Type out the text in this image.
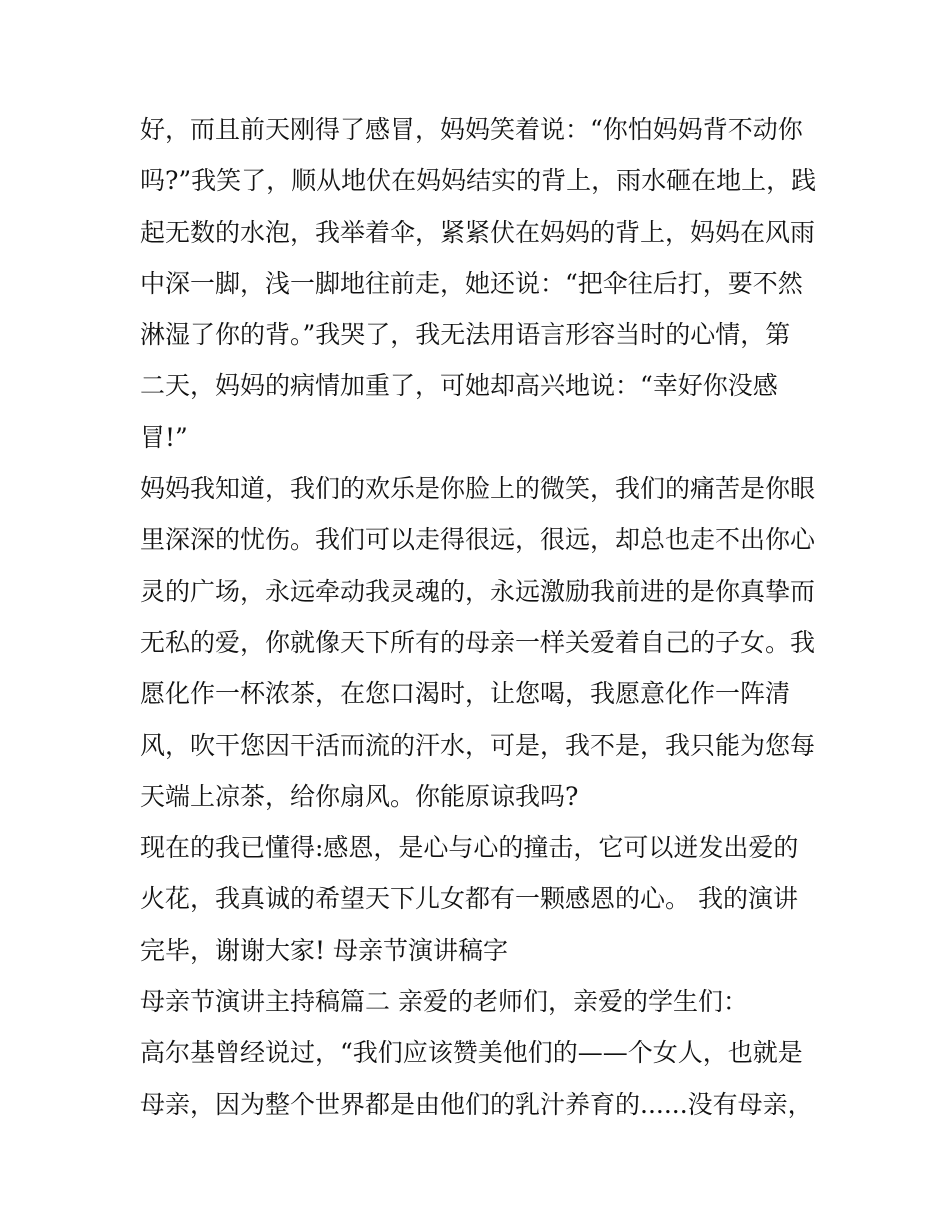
好，而且前天刚得了感冒，妈妈笑着说：“你怕妈妈背不动你
吗?”我笑了，顺从地伏在妈妈结实的背上，雨水砸在地上，践
起无数的水泡，我举着伞，紧紧伏在妈妈的背上，妈妈在风雨
中深一脚，浅一脚地往前走，她还说：“把伞往后打，要不然
淋湿了你的背。”我哭了，我无法用语言形容当时的心情，第
二天，妈妈的病情加重了，可她却高兴地说：“幸好你没感
冒!”
妈妈我知道，我们的欢乐是你脸上的微笑，我们的痛苦是你眼
里深深的忧伤。我们可以走得很远，很远，却总也走不出你心
灵的广场，永远牵动我灵魂的，永远激励我前进的是你真挚而
无私的爱，你就像天下所有的母亲一样关爱着自己的子女。我
愿化作一杯浓茶，在您口渴时，让您喝，我愿意化作一阵清
风，吹干您因干活而流的汗水，可是，我不是，我只能为您每
天端上凉茶，给你扇风。你能原谅我吗?
现在的我已懂得:感恩，是心与心的撞击，它可以迸发出爱的
火花，我真诚的希望天下儿女都有一颗感恩的心。 我的演讲
完毕，谢谢大家! 母亲节演讲稿字
母亲节演讲主持稿篇二 亲爱的老师们，亲爱的学生们：
高尔基曾经说过，“我们应该赞美他们的——个女人，也就是
母亲，因为整个世界都是由他们的乳汁养育的......没有母亲，
